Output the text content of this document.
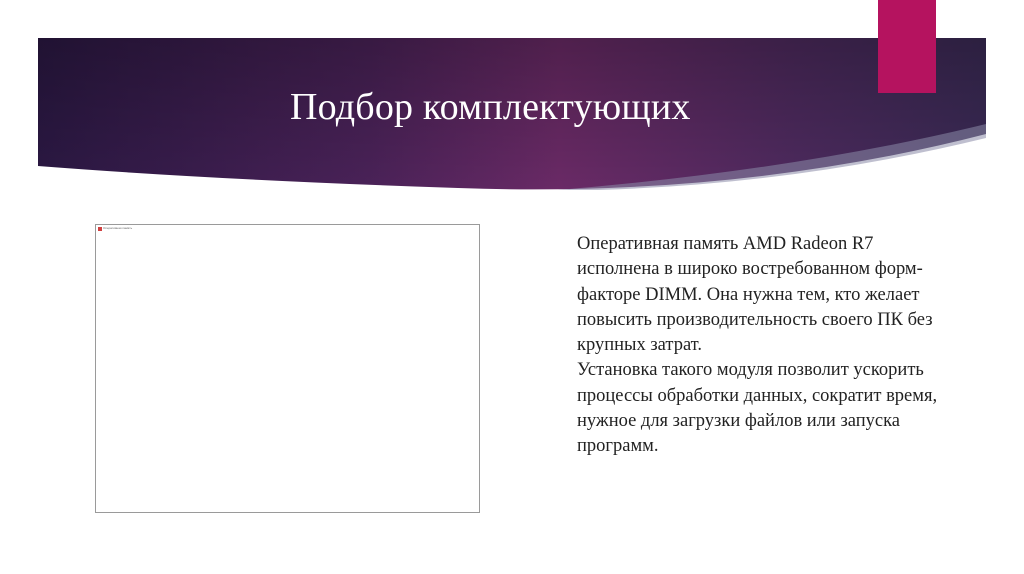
Подбор комплектующих
Оперативная память

Оперативная память AMD Radeon R7 исполнена в широко востребованном форм-факторе DIMM. Она нужна тем, кто желает повысить производительность своего ПК без крупных затрат.

Установка такого модуля позволит ускорить процессы обработки данных, сократит время, нужное для загрузки файлов или запуска программ.
